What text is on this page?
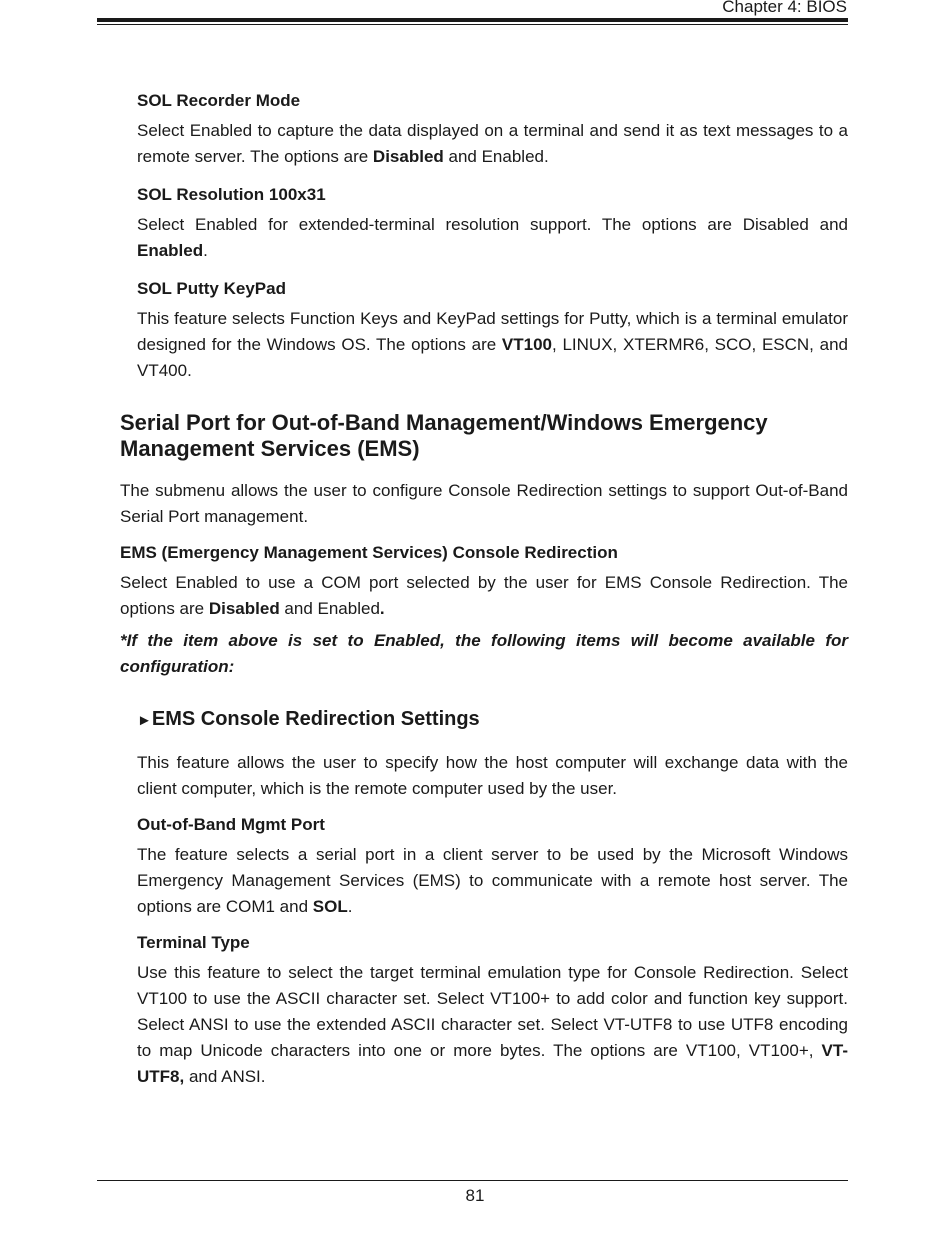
Chapter 4: BIOS
SOL Recorder Mode

Select Enabled to capture the data displayed on a terminal and send it as text messages to a remote server. The options are Disabled and Enabled.

SOL Resolution 100x31

Select Enabled for extended-terminal resolution support. The options are Disabled and Enabled.

SOL Putty KeyPad

This feature selects Function Keys and KeyPad settings for Putty, which is a terminal emulator designed for the Windows OS. The options are VT100, LINUX, XTERMR6, SCO, ESCN, and VT400.

Serial Port for Out-of-Band Management/Windows Emergency Management Services (EMS)

The submenu allows the user to configure Console Redirection settings to support Out-of-Band Serial Port management.

EMS (Emergency Management Services) Console Redirection

Select Enabled to use a COM port selected by the user for EMS Console Redirection. The options are Disabled and Enabled.

*If the item above is set to Enabled, the following items will become available for configuration:

►EMS Console Redirection Settings

This feature allows the user to specify how the host computer will exchange data with the client computer, which is the remote computer used by the user.

Out-of-Band Mgmt Port

The feature selects a serial port in a client server to be used by the Microsoft Windows Emergency Management Services (EMS) to communicate with a remote host server. The options are COM1 and SOL.

Terminal Type

Use this feature to select the target terminal emulation type for Console Redirection. Select VT100 to use the ASCII character set. Select VT100+ to add color and function key support. Select ANSI to use the extended ASCII character set. Select VT-UTF8 to use UTF8 encoding to map Unicode characters into one or more bytes. The options are VT100, VT100+, VT-UTF8, and ANSI.

81
